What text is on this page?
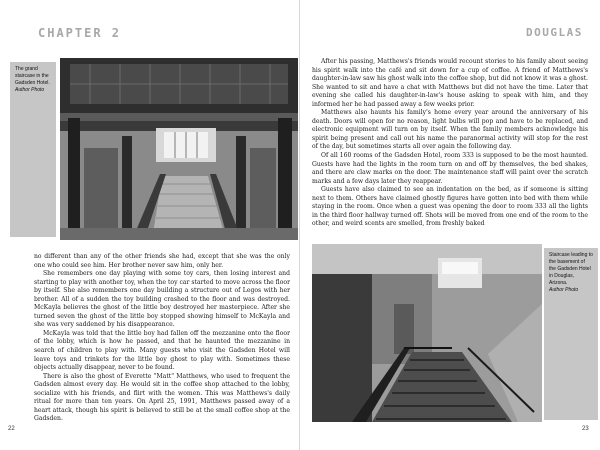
CHAPTER 2
The grand staircase in the Gadsden Hotel.
Author Photo

no different than any of the other friends she had, except that she was the only one who could see him. Her brother never saw him, only her.

She remembers one day playing with some toy cars, then losing interest and starting to play with another toy, when the toy car started to move across the floor by itself. She also remembers one day building a structure out of Legos with her brother. All of a sudden the toy building crashed to the floor and was destroyed. McKayla believes the ghost of the little boy destroyed her masterpiece. After she turned seven the ghost of the little boy stopped showing himself to McKayla and she was very saddened by his disappearance.

McKayla was told that the little boy had fallen off the mezzanine onto the floor of the lobby, which is how he passed, and that he haunted the mezzanine in search of children to play with. Many guests who visit the Gadsden Hotel will leave toys and trinkets for the little boy ghost to play with. Sometimes these objects actually disappear, never to be found.

There is also the ghost of Everette "Matt" Matthews, who used to frequent the Gadsden almost every day. He would sit in the coffee shop attached to the lobby, socialize with his friends, and flirt with the women. This was Matthews's daily ritual for more than ten years. On April 25, 1991, Matthews passed away of a heart attack, though his spirit is believed to still be at the small coffee shop at the Gadsden.

22
DOUGLAS

After his passing, Matthews's friends would recount stories to his family about seeing his spirit walk into the café and sit down for a cup of coffee. A friend of Matthews's daughter-in-law saw his ghost walk into the coffee shop, but did not know it was a ghost. She wanted to sit and have a chat with Matthews but did not have the time. Later that evening she called his daughter-in-law's house asking to speak with him, and they informed her he had passed away a few weeks prior.

Matthews also haunts his family's home every year around the anniversary of his death. Doors will open for no reason, light bulbs will pop and have to be replaced, and electronic equipment will turn on by itself. When the family members acknowledge his spirit being present and call out his name the paranormal activity will stop for the rest of the day, but sometimes starts all over again the following day.

Of all 160 rooms of the Gadsden Hotel, room 333 is supposed to be the most haunted. Guests have had the lights in the room turn on and off by themselves, the bed shakes, and there are claw marks on the door. The maintenance staff will paint over the scratch marks and a few days later they reappear.

Guests have also claimed to see an indentation on the bed, as if someone is sitting next to them. Others have claimed ghostly figures have gotten into bed with them while staying in the room. Once when a guest was opening the door to room 333 all the lights in the third floor hallway turned off. Shots will be moved from one end of the room to the other, and weird scents are smelled, from freshly baked

Staircase leading to the basement of the Gadsden Hotel in Douglas, Arizona.
Author Photo
23
